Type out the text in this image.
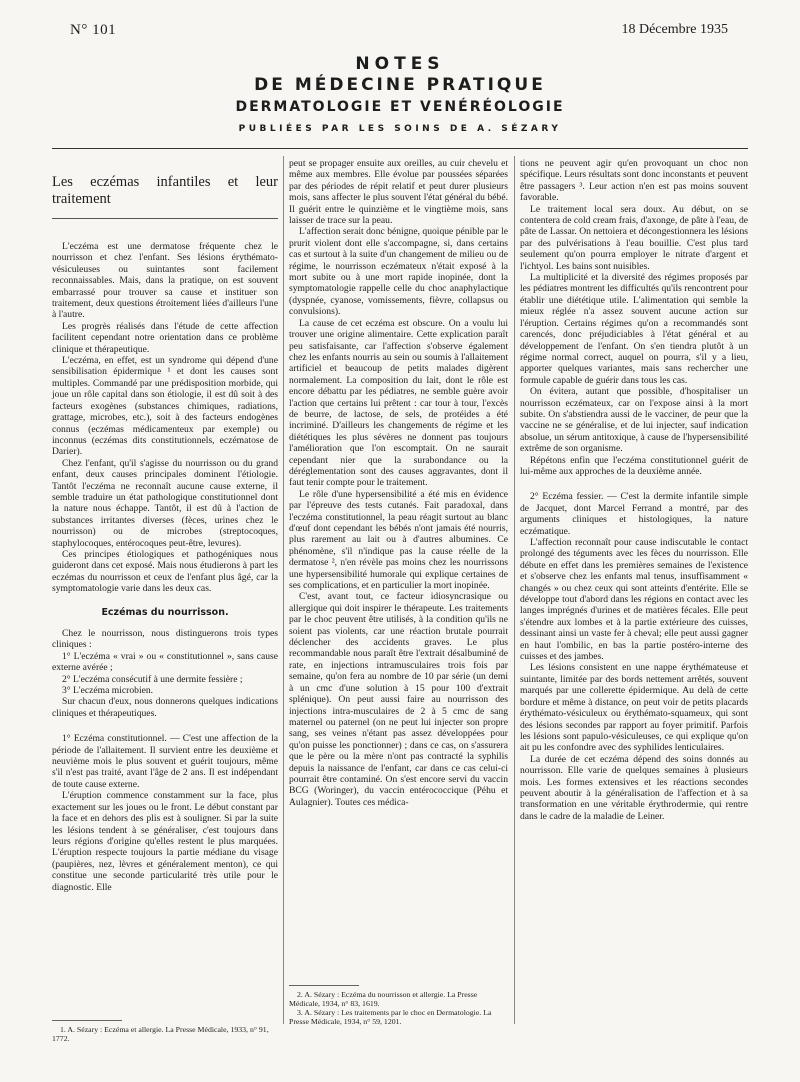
N° 101	18 Décembre 1935
NOTES
DE MÉDECINE PRATIQUE
DERMATOLOGIE ET VENÉRÉOLOGIE
PUBLIÉES PAR LES SOINS DE A. SÉZARY
Les eczémas infantiles et leur traitement

L'eczéma est une dermatose fréquente chez le nourrisson et chez l'enfant. Ses lésions érythémato-vésiculeuses ou suintantes sont facilement reconnaissables. Mais, dans la pratique, on est souvent embarrassé pour trouver sa cause et instituer son traitement, deux questions étroitement liées d'ailleurs l'une à l'autre.

Les progrès réalisés dans l'étude de cette affection facilitent cependant notre orientation dans ce problème clinique et thérapeutique.

L'eczéma, en effet, est un syndrome qui dépend d'une sensibilisation épidermique ¹ et dont les causes sont multiples. Commandé par une prédisposition morbide, qui joue un rôle capital dans son étiologie, il est dû soit à des facteurs exogènes (substances chimiques, radiations, grattage, microbes, etc.), soit à des facteurs endogènes connus (eczémas médicamenteux par exemple) ou inconnus (eczémas dits constitutionnels, eczématose de Darier).

Chez l'enfant, qu'il s'agisse du nourrisson ou du grand enfant, deux causes principales dominent l'étiologie. Tantôt l'eczéma ne reconnaît aucune cause externe, il semble traduire un état pathologique constitutionnel dont la nature nous échappe. Tantôt, il est dû à l'action de substances irritantes diverses (fèces, urines chez le nourrisson) ou de microbes (streptocoques, staphylocoques, entérocoques peut-être, levures).

Ces principes étiologiques et pathogéniques nous guideront dans cet exposé. Mais nous étudierons à part les eczémas du nourrisson et ceux de l'enfant plus âgé, car la symptomatologie varie dans les deux cas.

Eczémas du nourrisson.

Chez le nourrisson, nous distinguerons trois types cliniques :

1° L'eczéma « vrai » ou « constitutionnel », sans cause externe avérée ;

2° L'eczéma consécutif à une dermite fessière ;

3° L'eczéma microbien.

Sur chacun d'eux, nous donnerons quelques indications cliniques et thérapeutiques.

1° Eczéma constitutionnel. — C'est une affection de la période de l'allaitement. Il survient entre les deuxième et neuvième mois le plus souvent et guérit toujours, même s'il n'est pas traité, avant l'âge de 2 ans. Il est indépendant de toute cause externe.

L'éruption commence constamment sur la face, plus exactement sur les joues ou le front. Le début constant par la face et en dehors des plis est à souligner. Si par la suite les lésions tendent à se généraliser, c'est toujours dans leurs régions d'origine qu'elles restent le plus marquées. L'éruption respecte toujours la partie médiane du visage (paupières, nez, lèvres et généralement menton), ce qui constitue une seconde particularité très utile pour le diagnostic. Elle

peut se propager ensuite aux oreilles, au cuir chevelu et même aux membres. Elle évolue par poussées séparées par des périodes de répit relatif et peut durer plusieurs mois, sans affecter le plus souvent l'état général du bébé. Il guérit entre le quinzième et le vingtième mois, sans laisser de trace sur la peau.

L'affection serait donc bénigne, quoique pénible par le prurit violent dont elle s'accompagne, si, dans certains cas et surtout à la suite d'un changement de milieu ou de régime, le nourrisson eczémateux n'était exposé à la mort subite ou à une mort rapide inopinée, dont la symptomatologie rappelle celle du choc anaphylactique (dyspnée, cyanose, vomissements, fièvre, collapsus ou convulsions).

La cause de cet eczéma est obscure. On a voulu lui trouver une origine alimentaire. Cette explication paraît peu satisfaisante, car l'affection s'observe également chez les enfants nourris au sein ou soumis à l'allaitement artificiel et beaucoup de petits malades digèrent normalement. La composition du lait, dont le rôle est encore débattu par les pédiatres, ne semble guère avoir l'action que certains lui prêtent : car tour à tour, l'excès de beurre, de lactose, de sels, de protéides a été incriminé. D'ailleurs les changements de régime et les diététiques les plus sévères ne donnent pas toujours l'amélioration que l'on escomptait. On ne saurait cependant nier que la surabondance ou la déréglementation sont des causes aggravantes, dont il faut tenir compte pour le traitement.

Le rôle d'une hypersensibilité a été mis en évidence par l'épreuve des tests cutanés. Fait paradoxal, dans l'eczéma constitutionnel, la peau réagit surtout au blanc d'œuf dont cependant les bébés n'ont jamais été nourris, plus rarement au lait ou à d'autres albumines. Ce phénomène, s'il n'indique pas la cause réelle de la dermatose ², n'en révèle pas moins chez les nourrissons une hypersensibilité humorale qui explique certaines de ses complications, et en particulier la mort inopinée.

C'est, avant tout, ce facteur idiosyncrasique ou allergique qui doit inspirer le thérapeute. Les traitements par le choc peuvent être utilisés, à la condition qu'ils ne soient pas violents, car une réaction brutale pourrait déclencher des accidents graves. Le plus recommandable nous paraît être l'extrait désalbuminé de rate, en injections intramusculaires trois fois par semaine, qu'on fera au nombre de 10 par série (un demi à un cmc d'une solution à 15 pour 100 d'extrait splénique). On peut aussi faire au nourrisson des injections intra-musculaires de 2 à 5 cmc de sang maternel ou paternel (on ne peut lui injecter son propre sang, ses veines n'étant pas assez développées pour qu'on puisse les ponctionner) ; dans ce cas, on s'assurera que le père ou la mère n'ont pas contracté la syphilis depuis la naissance de l'enfant, car dans ce cas celui-ci pourrait être contaminé. On s'est encore servi du vaccin BCG (Woringer), du vaccin entérococcique (Péhu et Aulagnier). Toutes ces médica-

tions ne peuvent agir qu'en provoquant un choc non spécifique. Leurs résultats sont donc inconstants et peuvent être passagers ³. Leur action n'en est pas moins souvent favorable.

Le traitement local sera doux. Au début, on se contentera de cold cream frais, d'axonge, de pâte à l'eau, de pâte de Lassar. On nettoiera et décongestionnera les lésions par des pulvérisations à l'eau bouillie. C'est plus tard seulement qu'on pourra employer le nitrate d'argent et l'ichtyol. Les bains sont nuisibles.

La multiplicité et la diversité des régimes proposés par les pédiatres montrent les difficultés qu'ils rencontrent pour établir une diététique utile. L'alimentation qui semble la mieux réglée n'a assez souvent aucune action sur l'éruption. Certains régimes qu'on a recommandés sont carencés, donc préjudiciables à l'état général et au développement de l'enfant. On s'en tiendra plutôt à un régime normal correct, auquel on pourra, s'il y a lieu, apporter quelques variantes, mais sans rechercher une formule capable de guérir dans tous les cas.

On évitera, autant que possible, d'hospitaliser un nourrisson eczémateux, car on l'expose ainsi à la mort subite. On s'abstiendra aussi de le vacciner, de peur que la vaccine ne se généralise, et de lui injecter, sauf indication absolue, un sérum antitoxique, à cause de l'hypersensibilité extrême de son organisme.

Répétons enfin que l'eczéma constitutionnel guérit de lui-même aux approches de la deuxième année.

2° Eczéma fessier. — C'est la dermite infantile simple de Jacquet, dont Marcel Ferrand a montré, par des arguments cliniques et histologiques, la nature eczématique.

L'affection reconnaît pour cause indiscutable le contact prolongé des téguments avec les fèces du nourrisson. Elle débute en effet dans les premières semaines de l'existence et s'observe chez les enfants mal tenus, insuffisamment « changés » ou chez ceux qui sont atteints d'entérite. Elle se développe tout d'abord dans les régions en contact avec les langes imprégnés d'urines et de matières fécales. Elle peut s'étendre aux lombes et à la partie extérieure des cuisses, dessinant ainsi un vaste fer à cheval; elle peut aussi gagner en haut l'ombilic, en bas la partie postéro-interne des cuisses et des jambes.

Les lésions consistent en une nappe érythémateuse et suintante, limitée par des bords nettement arrêtés, souvent marqués par une collerette épidermique. Au delà de cette bordure et même à distance, on peut voir de petits placards érythémato-vésiculeux ou érythémato-squameux, qui sont des lésions secondes par rapport au foyer primitif. Parfois les lésions sont papulo-vésiculeuses, ce qui explique qu'on ait pu les confondre avec des syphilides lenticulaires.

La durée de cet eczéma dépend des soins donnés au nourrisson. Elle varie de quelques semaines à plusieurs mois. Les formes extensives et les réactions secondes peuvent aboutir à la généralisation de l'affection et à sa transformation en une véritable érythrodermie, qui rentre dans le cadre de la maladie de Leiner.

1. A. Sézary : Eczéma et allergie. La Presse Médicale, 1933, n° 91, 1772.

2. A. Sézary : Eczéma du nourrisson et allergie. La Presse Médicale, 1934, n° 83, 1619.

3. A. Sézary : Les traitements par le choc en Dermatologie. La Presse Médicale, 1934, n° 59, 1201.
